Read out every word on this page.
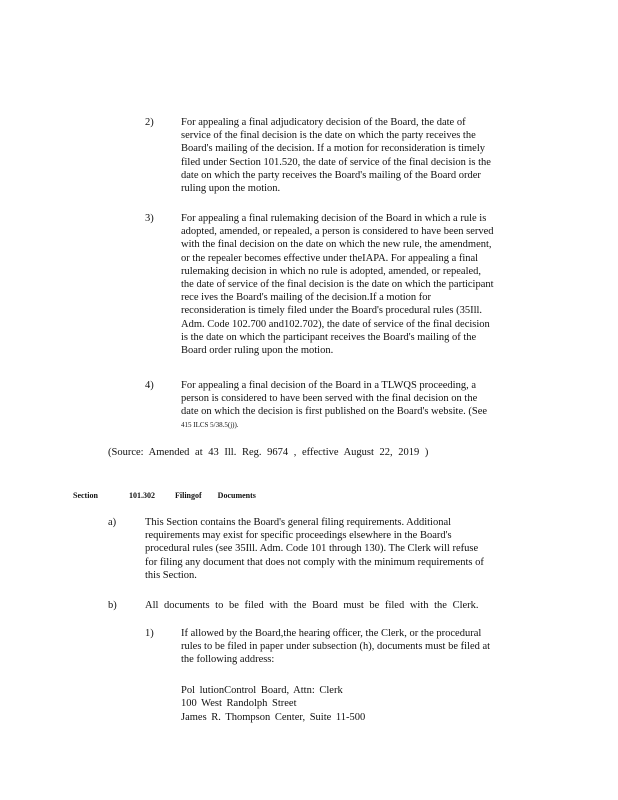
2)	For appealing a final adjudicatory decision of the Board, the date of
service of the final decision is the date on which the party receives the
Board's mailing of the decision. If a motion for reconsideration is timely
filed under Section 101.520, the date of service of the final decision is the
date on which the party receives the Board's mailing of the Board order
ruling upon the motion.
3)	For appealing a final rulemaking decision of the Board in which a rule is
adopted, amended, or repealed, a person is considered to have been served
with the final decision on the date on which the new rule, the amendment,
or the repealer becomes effective under theIAPA. For appealing a final
rulemaking decision in which no rule is adopted, amended, or repealed,
the date of service of the final decision is the date on which the participant
rece ives the Board's mailing of the decision.If a motion for
reconsideration is timely filed under the Board's procedural rules (35Ill.
Adm. Code 102.700 and102.702), the date of service of the final decision
is the date on which the participant receives the Board's mailing of the
Board order ruling upon the motion.
4)	For appealing a final decision of the Board in a TLWQS proceeding, a
person is considered to have been served with the final decision on the
date on which the decision is first published on the Board's website. (See
415 ILCS 5/38.5(j)).
(Source: Amended at 43 Ill. Reg. 9674 , effective August 22, 2019 )
Section	101.302	Filingof Documents
a)	This Section contains the Board's general filing requirements. Additional
requirements may exist for specific proceedings elsewhere in the Board's
procedural rules (see 35Ill. Adm. Code 101 through 130). The Clerk will refuse
for filing any document that does not comply with the minimum requirements of
this Section.
b)	All documents to be filed with the Board must be filed with the Clerk.
1)	If allowed by the Board,the hearing officer, the Clerk, or the procedural
rules to be filed in paper under subsection (h), documents must be filed at
the following address:
Pol lutionControl Board, Attn: Clerk
100 West Randolph Street
James R. Thompson Center, Suite 11-500
